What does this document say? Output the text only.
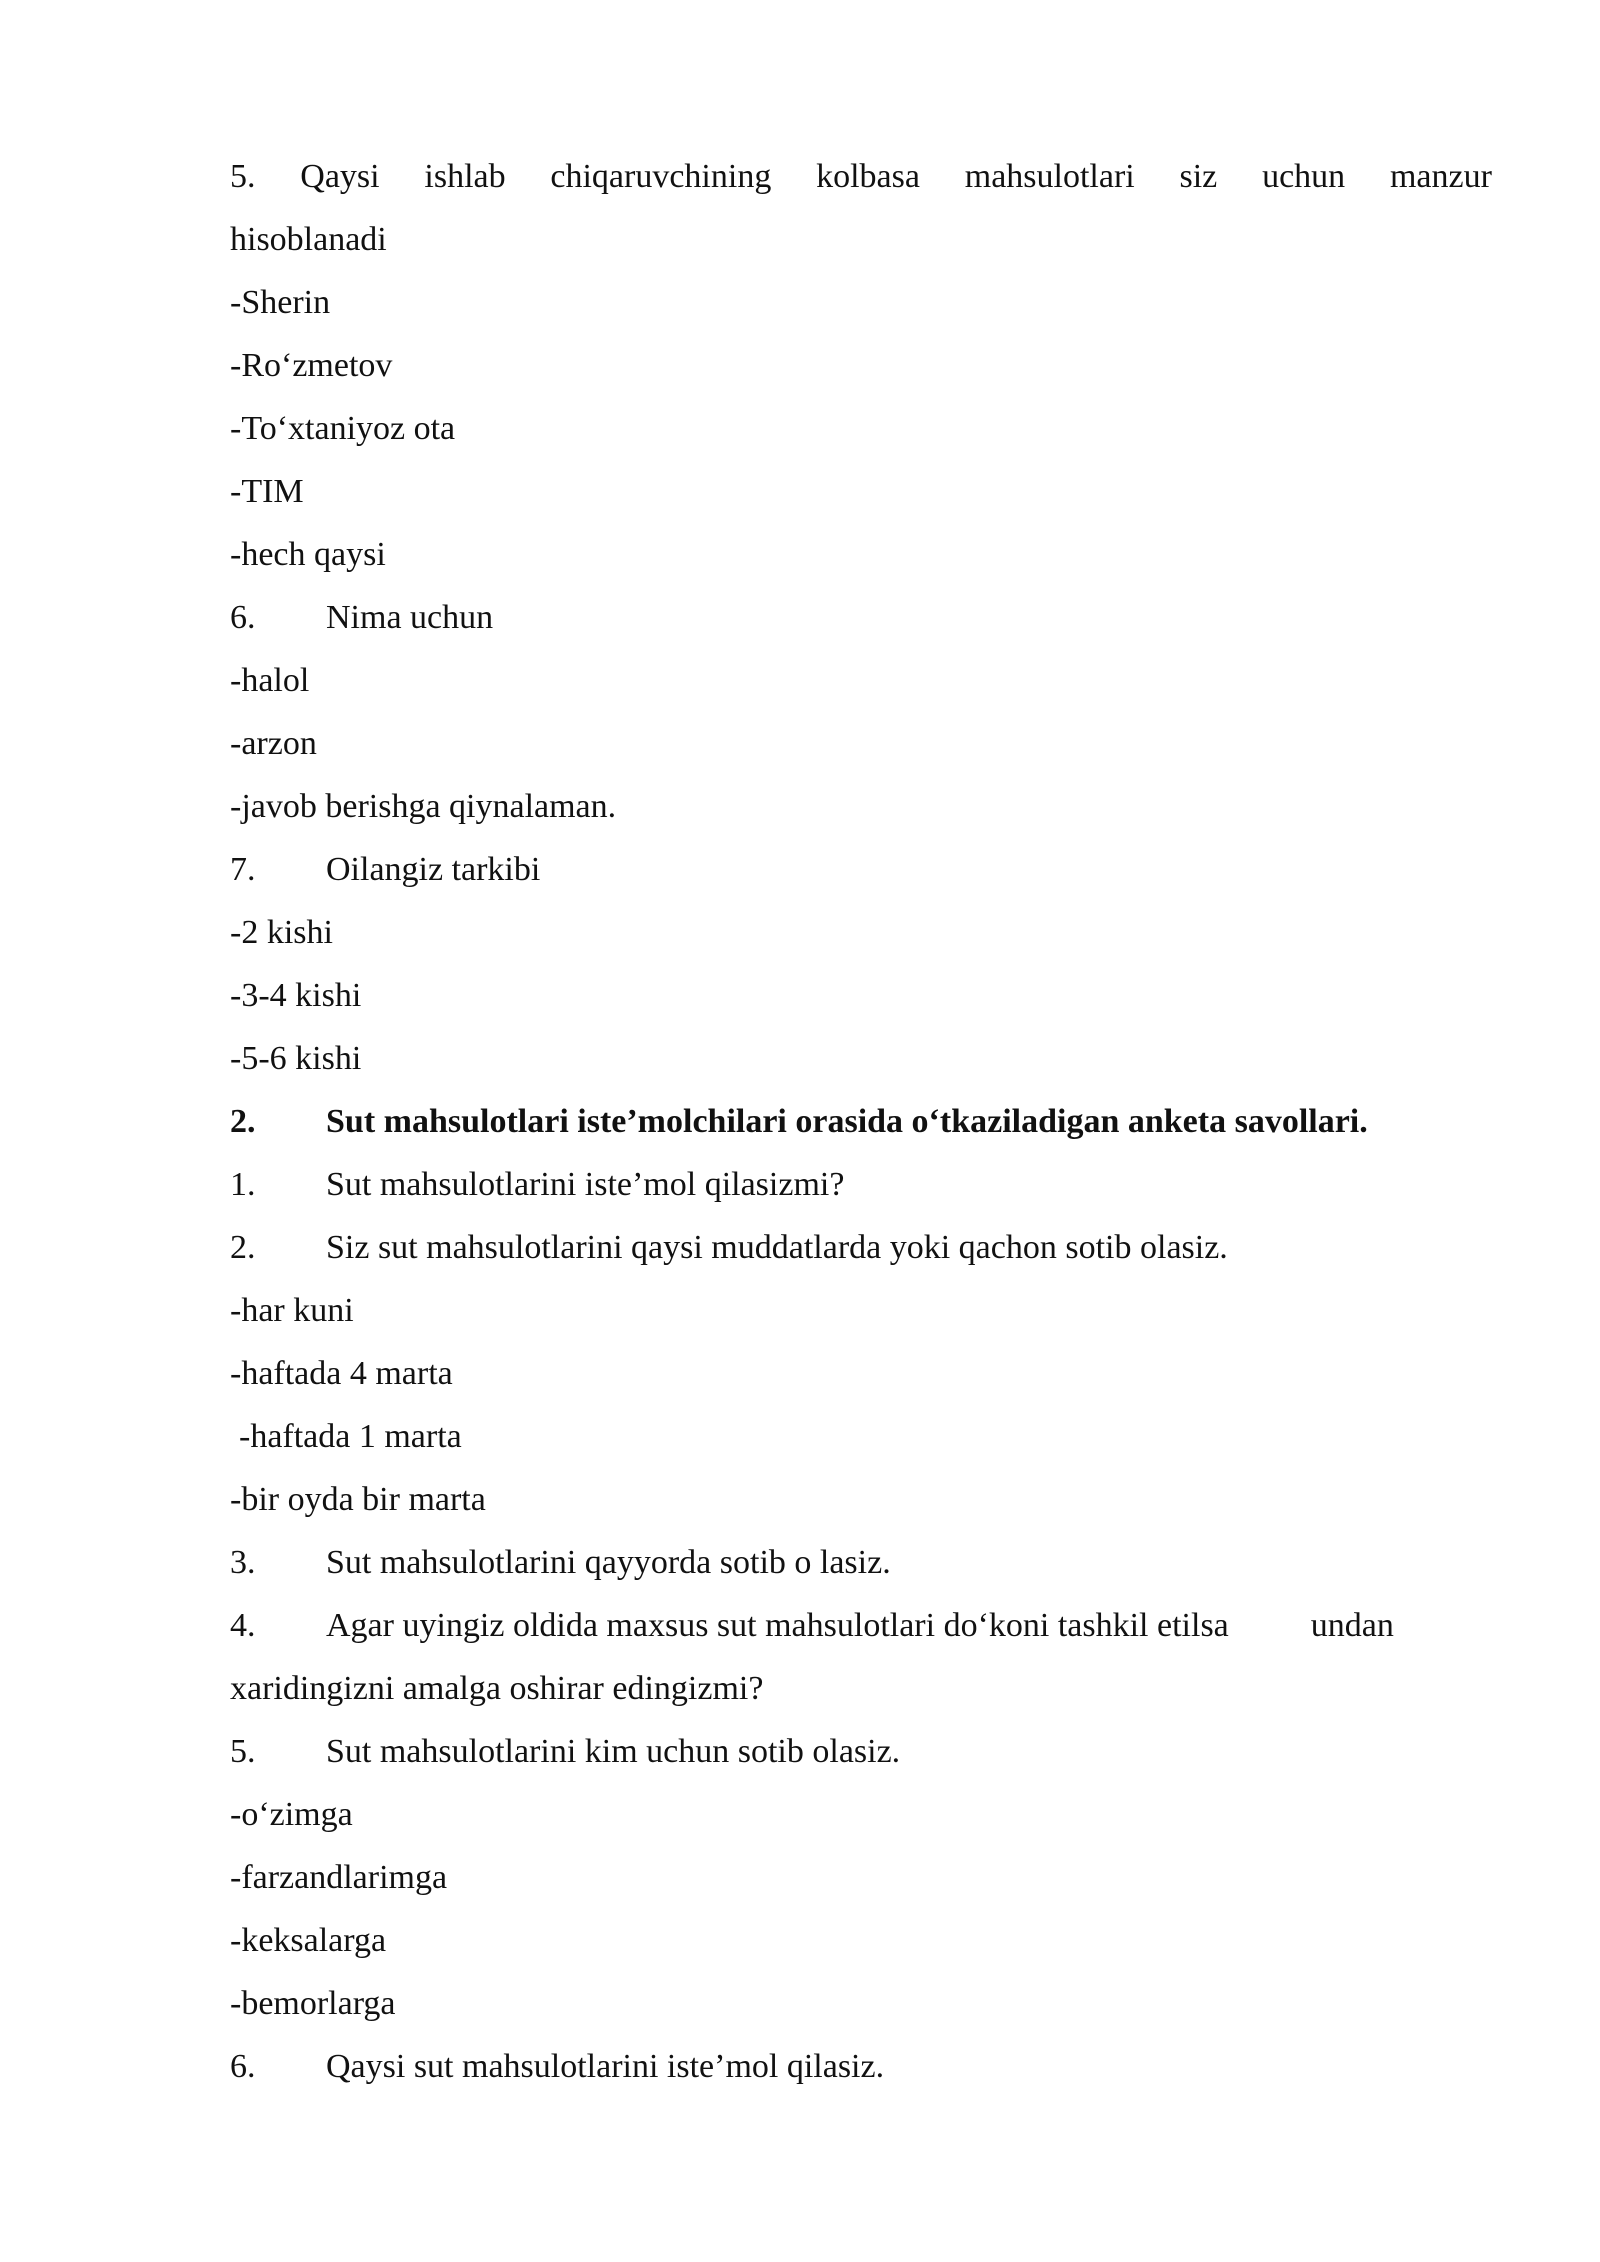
5. Qaysi ishlab chiqaruvchining kolbasa mahsulotlari siz uchun manzur
hisoblanadi
-Sherin
-Ro‘zmetov
-To‘xtaniyoz ota
-TIM
-hech qaysi
6. Nima uchun
-halol
-arzon
-javob berishga qiynalaman.
7. Oilangiz tarkibi
-2 kishi
-3-4 kishi
-5-6 kishi
2. Sut mahsulotlari iste’molchilari orasida o‘tkaziladigan anketa savollari.
1. Sut mahsulotlarini iste’mol qilasizmi?
2. Siz sut mahsulotlarini qaysi muddatlarda yoki qachon sotib olasiz.
-har kuni
-haftada 4 marta
-haftada 1 marta
-bir oyda bir marta
3. Sut mahsulotlarini qayyorda sotib o lasiz.
4.	Agar uyingiz oldida maxsus sut mahsulotlari do‘koni tashkil etilsa undan
xaridingizni amalga oshirar edingizmi?
5. Sut mahsulotlarini kim uchun sotib olasiz.
-o‘zimga
-farzandlarimga
-keksalarga
-bemorlarga
6. Qaysi sut mahsulotlarini iste’mol qilasiz.
